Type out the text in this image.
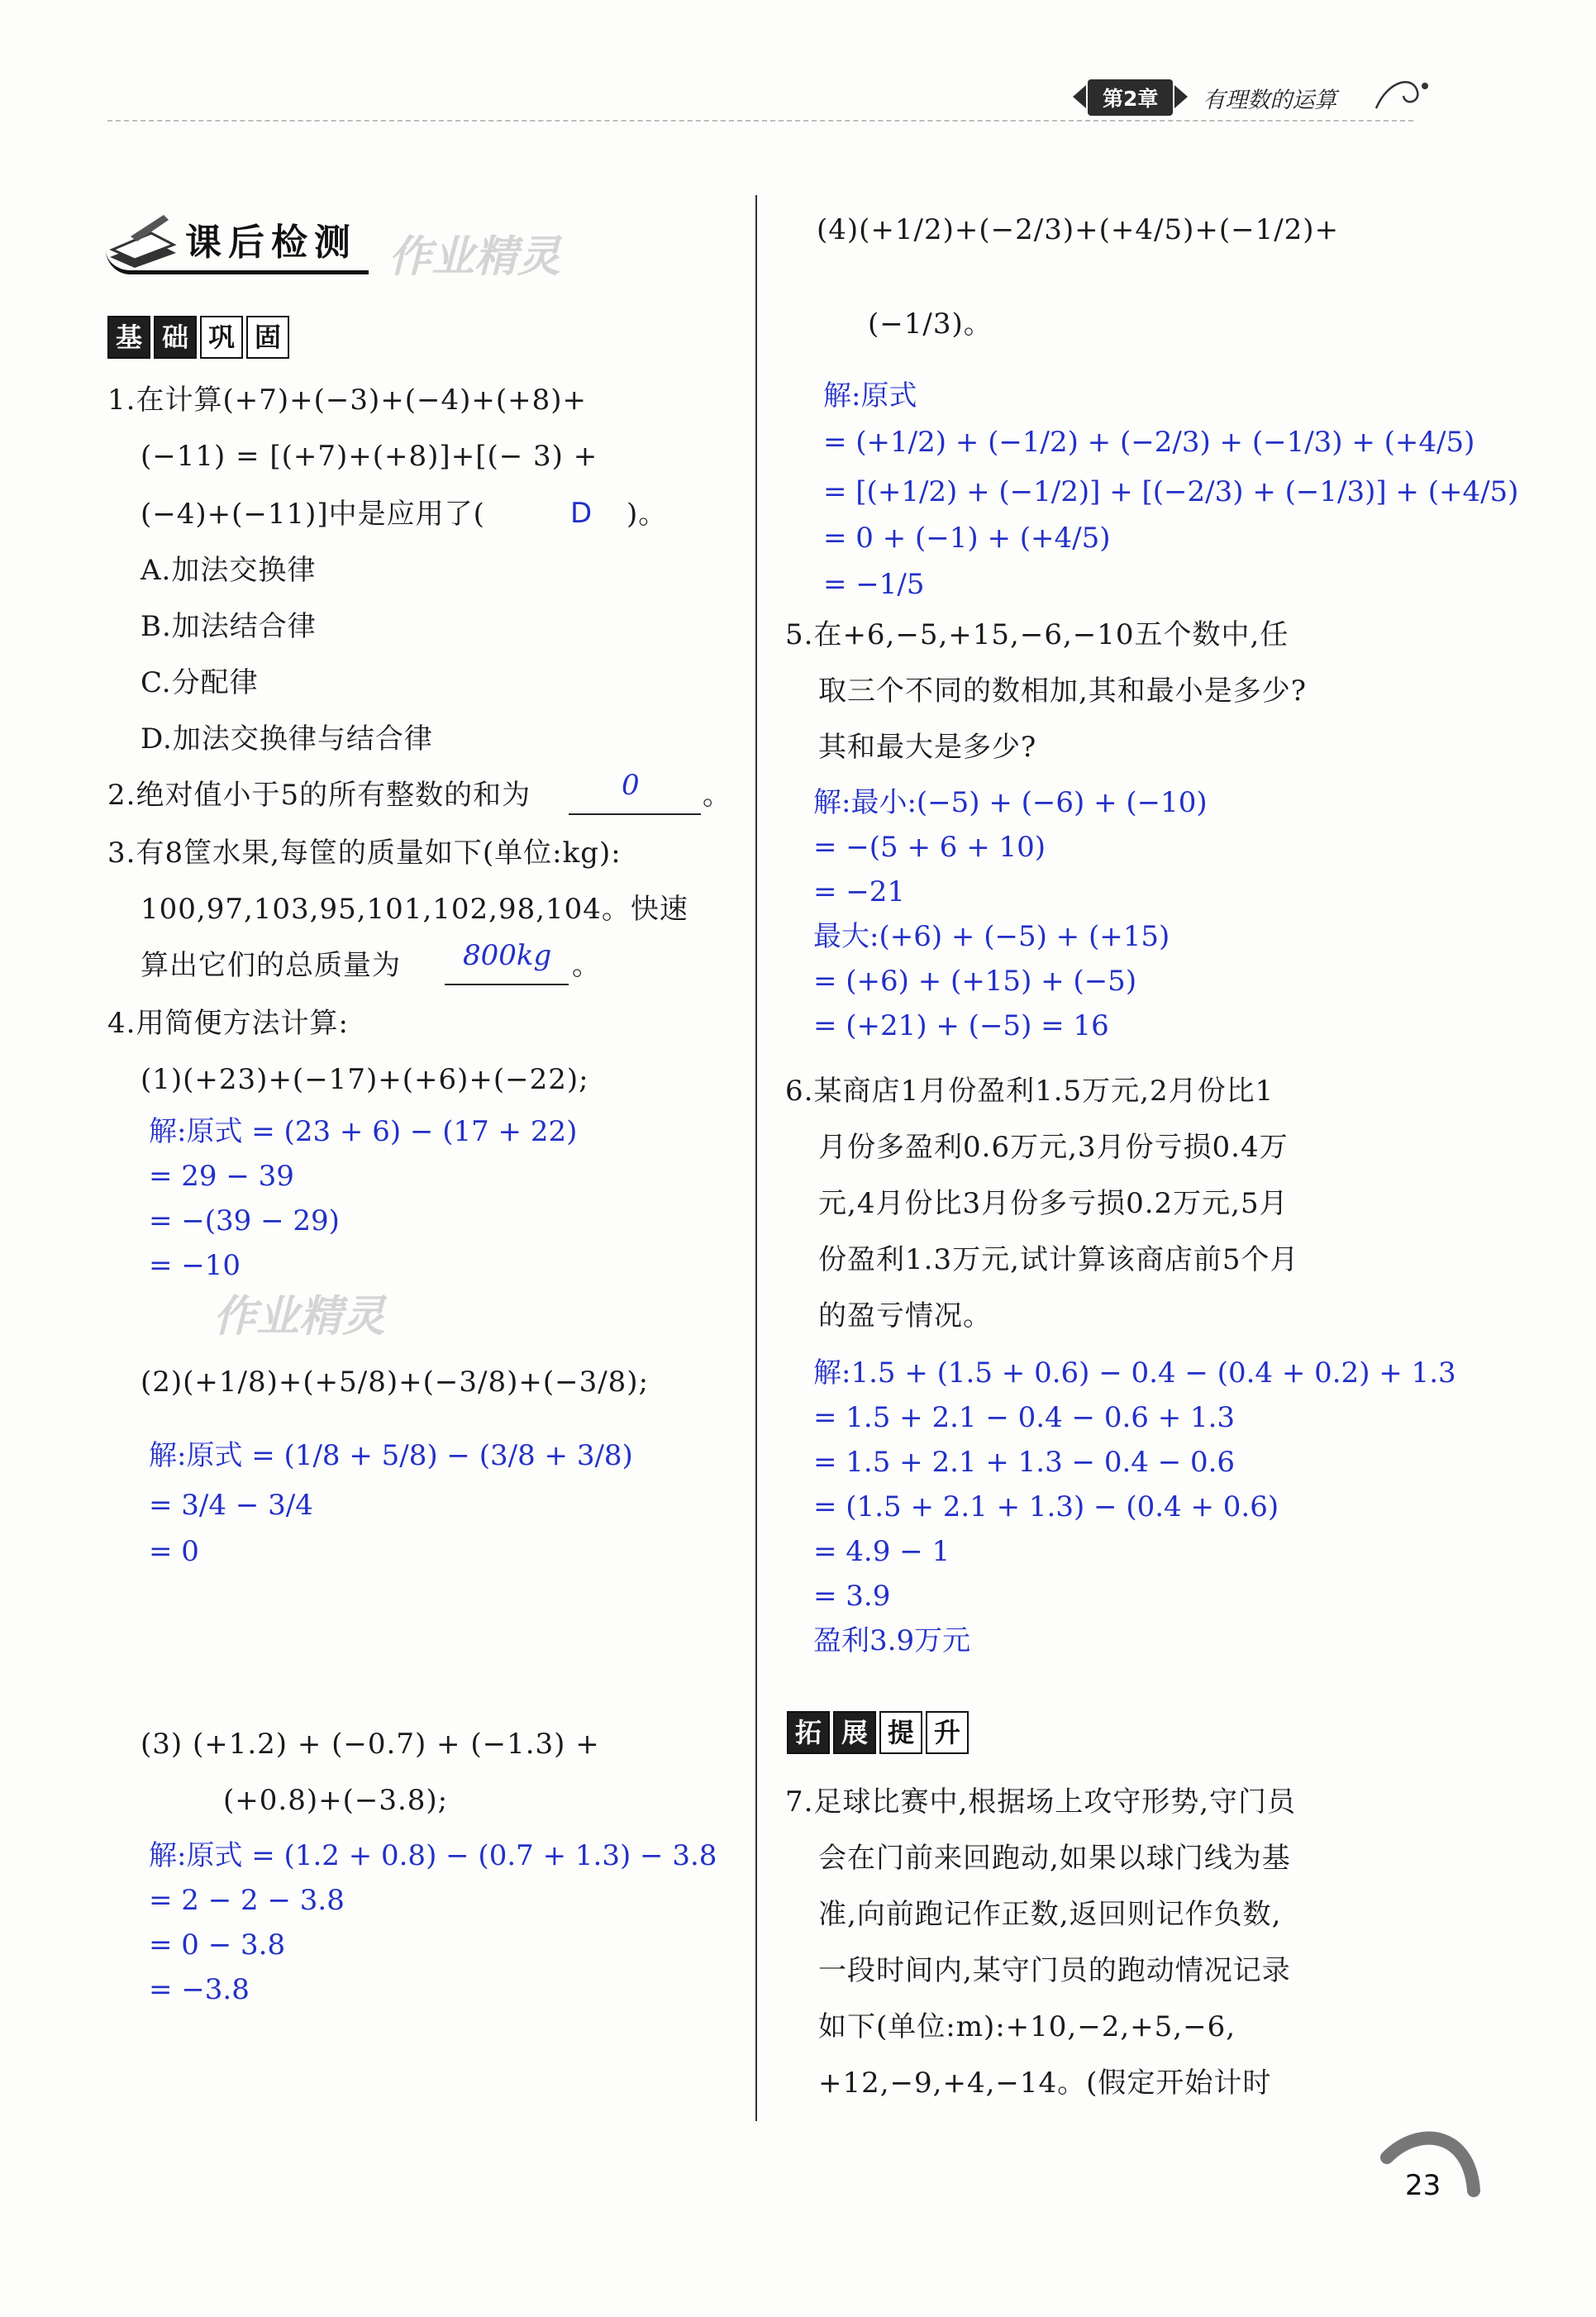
第2章	有理数的运算
课后检测 作业精灵
基 础 巩 固
1.在计算(+7)+(−3)+(−4)+(+8)+
(−11) = [(+7)+(+8)]+[(− 3) +
(−4)+(−11)]中是应用了(	D )。
A.加法交换律
B.加法结合律
C.分配律
D.加法交换律与结合律
2.绝对值小于5的所有整数的和为	0 。
3.有8筐水果,每筐的质量如下(单位:kg):
100,97,103,95,101,102,98,104。快速
算出它们的总质量为 800kg 。
4.用简便方法计算:
(1)(+23)+(−17)+(+6)+(−22);
解:原式 = (23 + 6) − (17 + 22)
= 29 − 39
= −(39 − 29)
= −10
作业精灵
(2)(+1/8)+(+5/8)+(−3/8)+(−3/8);
解:原式 = (1/8 + 5/8) − (3/8 + 3/8)
= 3/4 − 3/4
= 0
(3) (+1.2) + (−0.7) + (−1.3) +
(+0.8)+(−3.8);
解:原式 = (1.2 + 0.8) − (0.7 + 1.3) − 3.8
= 2 − 2 − 3.8
= 0 − 3.8
= −3.8
(4)(+1/2)+(−2/3)+(+4/5)+(−1/2)+
(−1/3)。
解:原式
= (+1/2) + (−1/2) + (−2/3) + (−1/3) + (+4/5)
= [(+1/2) + (−1/2)] + [(−2/3) + (−1/3)] + (+4/5)
= 0 + (−1) + (+4/5)
= −1/5
5.在+6,−5,+15,−6,−10五个数中,任
取三个不同的数相加,其和最小是多少?
其和最大是多少?
解:最小:(−5) + (−6) + (−10)
= −(5 + 6 + 10)
= −21
最大:(+6) + (−5) + (+15)
= (+6) + (+15) + (−5)
= (+21) + (−5) = 16
6.某商店1月份盈利1.5万元,2月份比1
月份多盈利0.6万元,3月份亏损0.4万
元,4月份比3月份多亏损0.2万元,5月
份盈利1.3万元,试计算该商店前5个月
的盈亏情况。
解:1.5 + (1.5 + 0.6) − 0.4 − (0.4 + 0.2) + 1.3
= 1.5 + 2.1 − 0.4 − 0.6 + 1.3
= 1.5 + 2.1 + 1.3 − 0.4 − 0.6
= (1.5 + 2.1 + 1.3) − (0.4 + 0.6)
= 4.9 − 1
= 3.9
盈利3.9万元
拓 展 提 升
7.足球比赛中,根据场上攻守形势,守门员
会在门前来回跑动,如果以球门线为基
准,向前跑记作正数,返回则记作负数,
一段时间内,某守门员的跑动情况记录
如下(单位:m):+10,−2,+5,−6,
+12,−9,+4,−14。(假定开始计时
23
